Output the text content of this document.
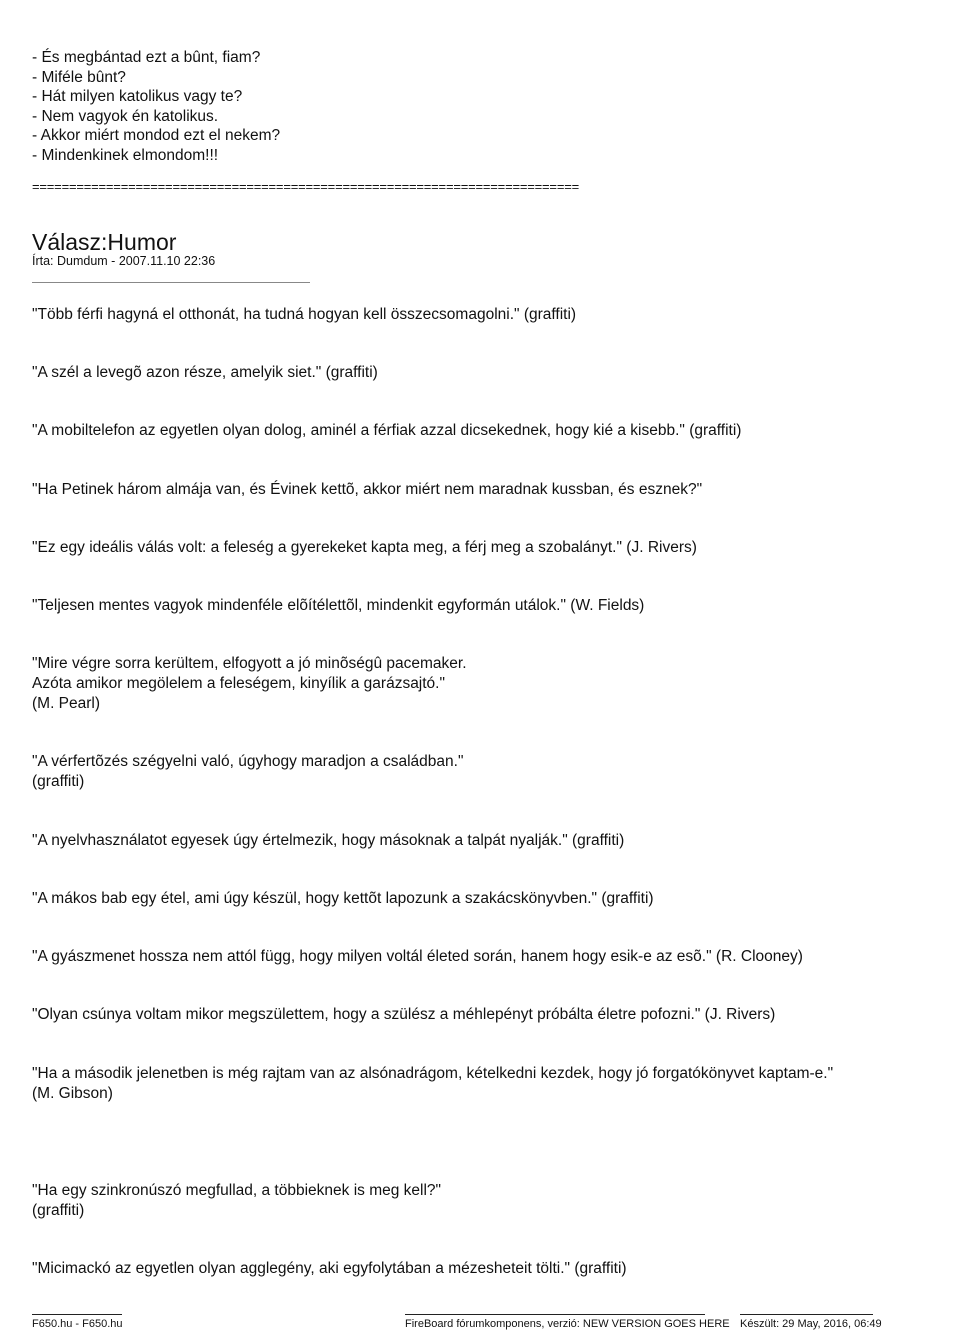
- És megbántad ezt a bûnt, fiam?
- Miféle bûnt?
- Hát milyen katolikus vagy te?
- Nem vagyok én katolikus.
- Akkor miért mondod ezt el nekem?
- Mindenkinek elmondom!!!
==========================================================================
Válasz:Humor
Írta: Dumdum - 2007.11.10 22:36
"Több férfi hagyná el otthonát, ha tudná hogyan kell összecsomagolni." (graffiti)
"A szél a levegõ azon része, amelyik siet." (graffiti)
"A mobiltelefon az egyetlen olyan dolog, aminél a férfiak azzal dicsekednek, hogy kié a kisebb." (graffiti)
"Ha Petinek három almája van, és Évinek kettõ, akkor miért nem maradnak kussban, és esznek?"
"Ez egy ideális válás volt: a feleség a gyerekeket kapta meg, a férj meg a szobalányt." (J. Rivers)
"Teljesen mentes vagyok mindenféle elõítélettõl, mindenkit egyformán utálok." (W. Fields)
"Mire végre sorra kerültem, elfogyott a jó minõségû pacemaker.
Azóta amikor megölelem a feleségem, kinyílik a garázsajtó."
(M. Pearl)
"A vérfertõzés szégyelni való, úgyhogy maradjon a családban."
(graffiti)
"A nyelvhasználatot egyesek úgy értelmezik, hogy másoknak a talpát nyalják." (graffiti)
"A mákos bab egy étel, ami úgy készül, hogy kettõt lapozunk a szakácskönyvben." (graffiti)
"A gyászmenet hossza nem attól függ, hogy milyen voltál életed során, hanem hogy esik-e az esõ." (R. Clooney)
"Olyan csúnya voltam mikor megszülettem, hogy a szülész a méhlepényt próbálta életre pofozni." (J. Rivers)
"Ha a második jelenetben is még rajtam van az alsónadrágom, kételkedni kezdek, hogy jó forgatókönyvet kaptam-e."
(M. Gibson)
"Ha egy szinkronúszó megfullad, a többieknek is meg kell?"
(graffiti)
"Micimackó az egyetlen olyan agglegény, aki egyfolytában a mézesheteit tölti." (graffiti)
F650.hu - F650.hu	FireBoard fórumkomponens, verzió: NEW VERSION GOES HERE Készült: 29 May, 2016, 06:49
